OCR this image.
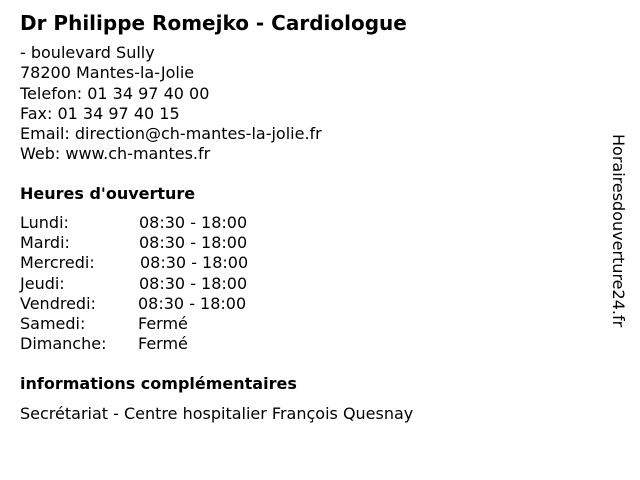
Dr Philippe Romejko - Cardiologue
- boulevard Sully
78200 Mantes-la-Jolie
Telefon: 01 34 97 40 00
Fax: 01 34 97 40 15
Email: direction@ch-mantes-la-jolie.fr
Web: www.ch-mantes.fr
Heures d'ouverture
Lundi:	08:30 - 18:00
Mardi:	08:30 - 18:00
Mercredi:	08:30 - 18:00
Jeudi:	08:30 - 18:00
Vendredi:	08:30 - 18:00
Samedi:	Fermé
Dimanche: Fermé
informations complémentaires
Secrétariat - Centre hospitalier François Quesnay
Horairesdouverture24.fr
